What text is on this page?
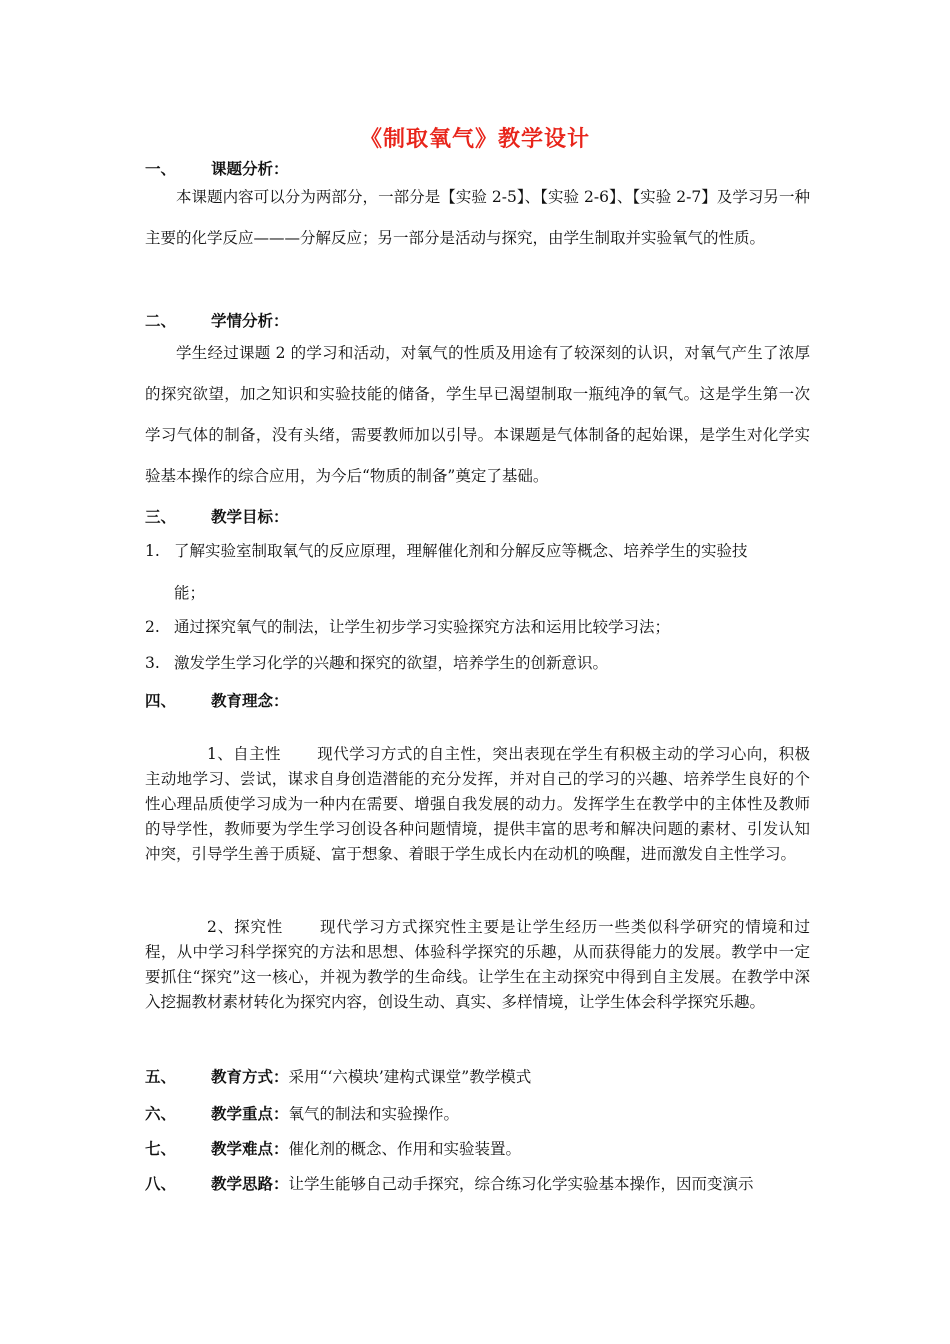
《制取氧气》教学设计
一、 课题分析：
本课题内容可以分为两部分，一部分是【实验 2-5】、【实验 2-6】、【实验 2-7】及学习另一种主要的化学反应———分解反应；另一部分是活动与探究，由学生制取并实验氧气的性质。
二、 学情分析：
学生经过课题 2 的学习和活动，对氧气的性质及用途有了较深刻的认识，对氧气产生了浓厚的探究欲望，加之知识和实验技能的储备，学生早已渴望制取一瓶纯净的氧气。这是学生第一次学习气体的制备，没有头绪，需要教师加以引导。本课题是气体制备的起始课，是学生对化学实验基本操作的综合应用，为今后“物质的制备”奠定了基础。
三、 教学目标：
1. 了解实验室制取氧气的反应原理，理解催化剂和分解反应等概念、培养学生的实验技
能；
2. 通过探究氧气的制法，让学生初步学习实验探究方法和运用比较学习法；
3. 激发学生学习化学的兴趣和探究的欲望，培养学生的创新意识。
四、 教育理念：
1、自主性 现代学习方式的自主性，突出表现在学生有积极主动的学习心向，积极主动地学习、尝试，谋求自身创造潜能的充分发挥，并对自己的学习的兴趣、培养学生良好的个性心理品质使学习成为一种内在需要、增强自我发展的动力。发挥学生在教学中的主体性及教师的导学性，教师要为学生学习创设各种问题情境，提供丰富的思考和解决问题的素材、引发认知冲突，引导学生善于质疑、富于想象、着眼于学生成长内在动机的唤醒，进而激发自主性学习。
2、探究性 现代学习方式探究性主要是让学生经历一些类似科学研究的情境和过程，从中学习科学探究的方法和思想、体验科学探究的乐趣，从而获得能力的发展。教学中一定要抓住“探究”这一核心，并视为教学的生命线。让学生在主动探究中得到自主发展。在教学中深入挖掘教材素材转化为探究内容，创设生动、真实、多样情境，让学生体会科学探究乐趣。
五、 教育方式：采用“‘六模块’建构式课堂”教学模式
六、 教学重点：氧气的制法和实验操作。
七、 教学难点：催化剂的概念、作用和实验装置。
八、 教学思路：让学生能够自己动手探究，综合练习化学实验基本操作，因而变演示
